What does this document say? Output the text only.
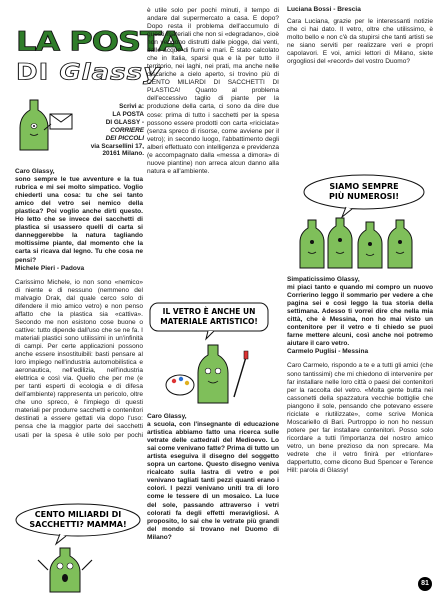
LA POSTA
DI Glassy
Scrivi a:
LA POSTA
DI GLASSY -
CORRIERE
DEI PICCOLI
via Scarsellini 17,
20161 Milano.
Caro Glassy,
sono sempre le tue avventure e la tua rubrica e mi sei molto simpatico. Voglio chiederti una cosa: tu che sei tanto amico del vetro sei nemico della plastica? Poi voglio anche dirti questo. Ho letto che se invece dei sacchetti di plastica si usassero quelli di carta si danneggerebbe la natura tagliando moltissime piante, dal momento che la carta si ricava dal legno. Tu che cosa ne pensi?
Michele Pieri - Padova
Carissimo Michele, io non sono «nemico» di niente e di nessuno (nemmeno del malvagio Drak, dal quale cerco solo di difendere il mio amico vetro) e non penso affatto che la plastica sia «cattiva». Secondo me non esistono cose buone o cattive: tutto dipende dall'uso che se ne fa. I materiali plastici sono utilissimi in un'infinità di campi. Per certe applicazioni possono anche essere insostituibili: basti pensare al loro impiego nell'industria automobilistica e aeronautica, nell'edilizia, nell'industria elettrica e così via. Quello che per me (e per tanti esperti di ecologia e di difesa dell'ambiente) rappresenta un pericolo, oltre che uno spreco, è l'impiego di questi materiali per produrre sacchetti e contenitori destinati a essere gettati via dopo l'uso: pensa che la maggior parte dei sacchetti usati per la spesa è utile solo per pochi
CENTO MILIARDI DI
SACCHETTI? MAMMA!
è utile solo per pochi minuti, il tempo di andare dal supermercato a casa. E dopo? Dopo resta il problema dell'accumulo di questi materiali che non si «degradano», cioè non vengono distrutti dalle piogge, dai venti, dalle acque di fiumi e mari. È stato calcolato che in Italia, sparsi qua e là per tutto il territorio, nei laghi, nei prati, ma anche nelle discariche a cielo aperto, si trovino più di CENTO MILIARDI DI SACCHETTI DI PLASTICA! Quanto al problema dell'eccessivo taglio di piante per la produzione della carta, ci sono da dire due cose: prima di tutto i sacchetti per la spesa possono essere prodotti con carta «riciclata» (senza spreco di risorse, come avviene per il vetro); in secondo luogo, l'abbattimento degli alberi effettuato con intelligenza e previdenza (e accompagnato dalla «messa a dimora» di nuove piantine) non arreca alcun danno alla natura e all'ambiente.
IL VETRO È ANCHE UN
MATERIALE ARTISTICO!
Caro Glassy,
a scuola, con l'insegnante di educazione artistica abbiamo fatto una ricerca sulle vetrate delle cattedrali del Medioevo. Lo sai come venivano fatte? Prima di tutto un artista eseguiva il disegno del soggetto sopra un cartone. Questo disegno veniva ricalcato sulla lastra di vetro e poi venivano tagliati tanti pezzi quanti erano i colori. I pezzi venivano uniti tra di loro come le tessere di un mosaico. La luce del sole, passando attraverso i vetri colorati fa degli effetti meravigliosi. A proposito, lo sai che le vetrate più grandi del mondo si trovano nel Duomo di Milano?
Luciana Bossi - Brescia
Cara Luciana, grazie per le interessanti notizie che ci hai dato. Il vetro, oltre che utilissimo, è molto bello e non c'è da stupirsi che tanti artisti se ne siano serviti per realizzare veri e propri capolavori. E voi, amici lettori di Milano, siete orgogliosi del «record» del vostro Duomo?
SIAMO SEMPRE
PIÙ NUMEROSI!
Simpaticissimo Glassy,
mi piaci tanto e quando mi compro un nuovo Corrierino leggo il sommario per vedere a che pagina sei e così leggo la tua storia della settimana. Adesso ti vorrei dire che nella mia città, che è Messina, non ho mai visto un contenitore per il vetro e ti chiedo se puoi farne mettere alcuni, così anche noi potremo aiutare il caro vetro.
Carmelo Puglisi - Messina
Caro Carmelo, rispondo a te e a tutti gli amici (che sono tantissimi) che mi chiedono di intervenire per far installare nelle loro città o paesi dei contenitori per la raccolta del vetro. «Molta gente butta nei cassonetti della spazzatura vecchie bottiglie che piangono il sole, pensando che potevano essere riciclate e riutilizzate», come scrive Monica Moscariello di Bari. Purtroppo io non ho nessun potere per far installare contenitori. Posso solo ricordare a tutti l'importanza del nostro amico vetro, un bene prezioso da non sprecare. Ma vedrete che il vetro finirà per «trionfare» dappertutto, come dicono Bud Spencer e Terence Hill: parola di Glassy!
81
